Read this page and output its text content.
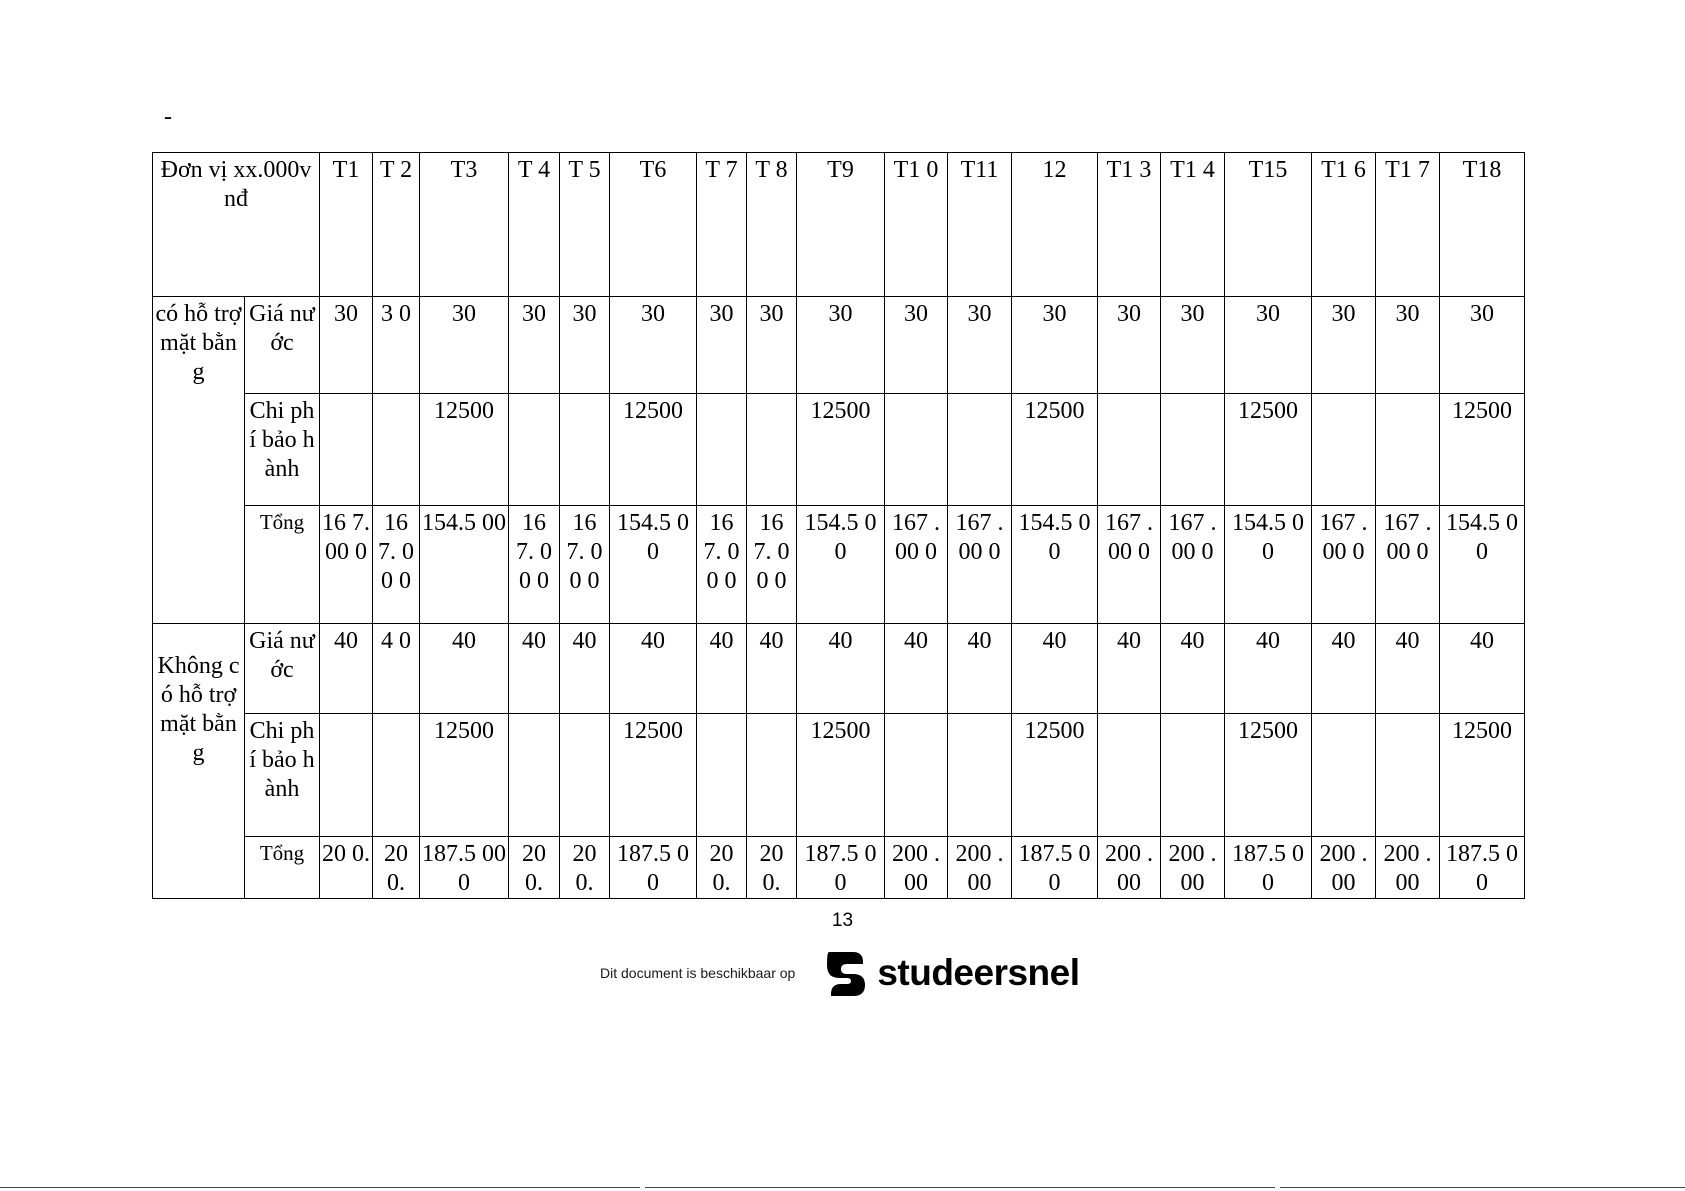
-
Đơn vị xx.000vnđ		T1	T 2	T3	T 4	T 5	T6	T 7	T 8	T9	T1 0	T11	12	T1 3	T1 4	T15	T1 6	T1 7	T18
có hỗ trợ mặt bằng	Giá nước	30	3 0	30	30	30	30	30	30	30	30	30	30	30	30	30	30	30	30
	Chi phí bảo hành			12500			12500			12500			12500			12500			12500
	Tổng	16 7. 00 0	16 7. 00 0	154.5 00	16 7. 00 0	16 7. 00 0	154.5 00	16 7. 00 0	16 7. 00 0	154.5 00	167 .00 0	167 .00 0	154.5 00	167 .00 0	167 .00 0	154.5 00	167 .00 0	167 .00 0	154.5 00
Không có hỗ trợ mặt bằng	Giá nước	40	4 0	40	40	40	40	40	40	40	40	40	40	40	40	40	40	40	40
	Chi phí bảo hành			12500			12500			12500			12500			12500			12500
	Tổng	20 0.	20 0.	187.5 000	20 0.	20 0.	187.5 00	20 0.	20 0.	187.5 00	200 .00	200 .00	187.5 00	200 .00	200 .00	187.5 00	200 .00	200 .00	187.5 00
13
Dit document is beschikbaar op studeersnel
